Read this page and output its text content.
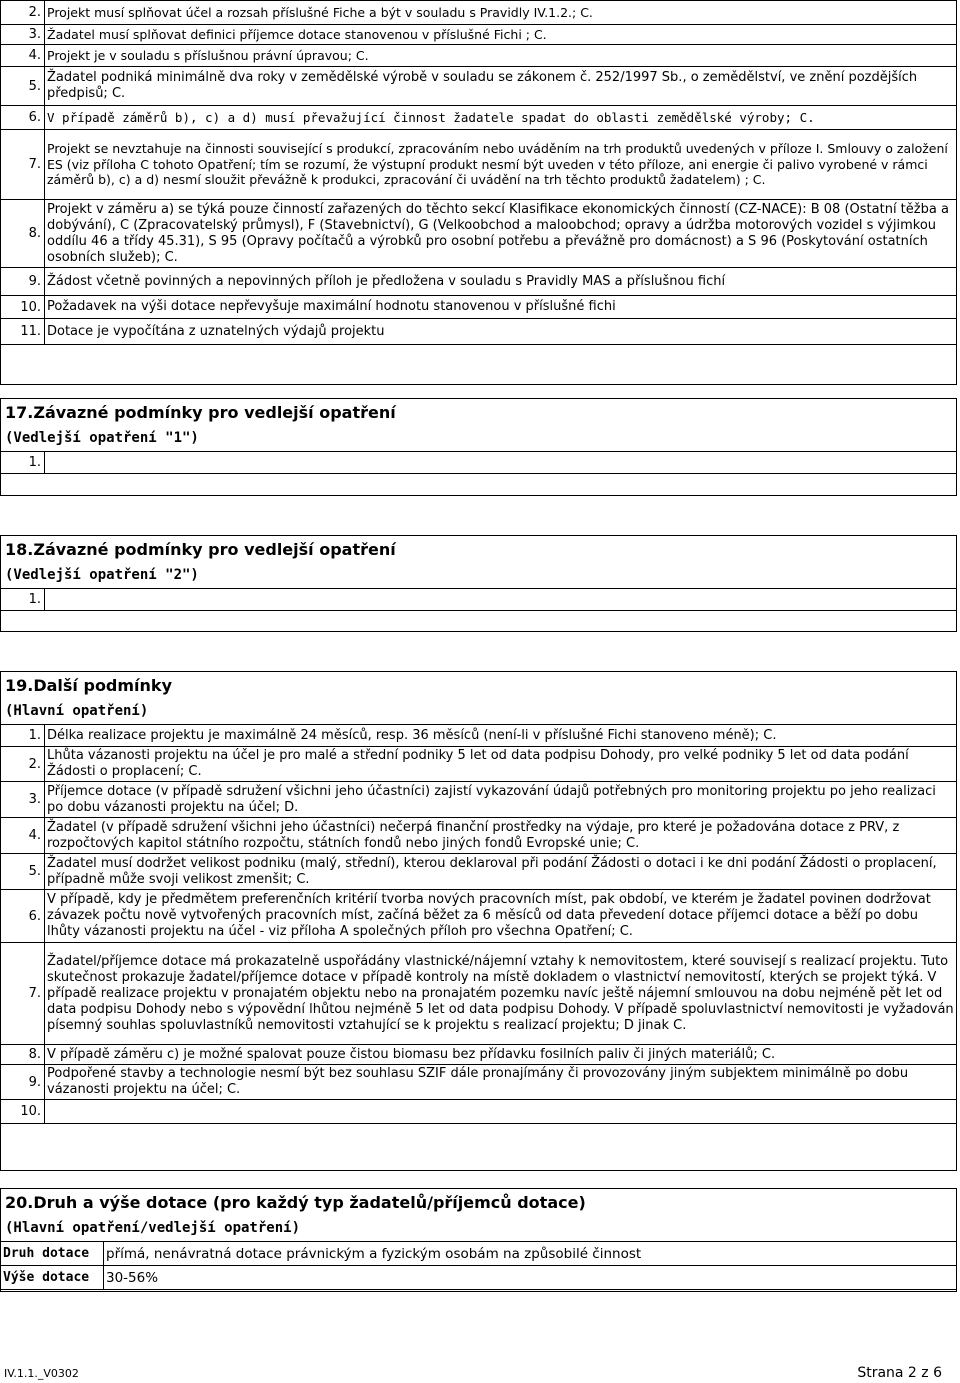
2.	Projekt musí splňovat účel a rozsah příslušné Fiche a být v souladu s Pravidly IV.1.2.; C.
3.	Žadatel musí splňovat definici příjemce dotace stanovenou v příslušné Fichi ; C.
4.	Projekt je v souladu s příslušnou právní úpravou; C.
5.	Žadatel podniká minimálně dva roky v zemědělské výrobě v souladu se zákonem č. 252/1997 Sb., o zemědělství, ve znění pozdějších předpisů; C.
6.	V případě záměrů b), c) a d) musí převažující činnost žadatele spadat do oblasti zemědělské výroby; C.
7.	Projekt se nevztahuje na činnosti související s produkcí, zpracováním nebo uváděním na trh produktů uvedených v příloze I. Smlouvy o založení ES (viz příloha C tohoto Opatření; tím se rozumí, že výstupní produkt nesmí být uveden v této příloze, ani energie či palivo vyrobené v rámci záměrů b), c) a d) nesmí sloužit převážně k produkci, zpracování či uvádění na trh těchto produktů žadatelem) ; C.
8.	Projekt v záměru a) se týká pouze činností zařazených do těchto sekcí Klasifikace ekonomických činností (CZ-NACE): B 08 (Ostatní těžba a dobývání), C (Zpracovatelský průmysl), F (Stavebnictví), G (Velkoobchod a maloobchod; opravy a údržba motorových vozidel s výjimkou oddílu 46 a třídy 45.31), S 95 (Opravy počítačů a výrobků pro osobní potřebu a převážně pro domácnost) a S 96 (Poskytování ostatních osobních služeb); C.
9.	Žádost včetně povinných a nepovinných příloh je předložena v souladu s Pravidly MAS a příslušnou fichí
10.	Požadavek na výši dotace nepřevyšuje maximální hodnotu stanovenou v příslušné fichi
11.	Dotace je vypočítána z uznatelných výdajů projektu
17.Závazné podmínky pro vedlejší opatření
(Vedlejší opatření "1")
1.	
18.Závazné podmínky pro vedlejší opatření
(Vedlejší opatření "2")
1.	
19.Další podmínky
(Hlavní opatření)
1.	Délka realizace projektu je maximálně 24 měsíců, resp. 36 měsíců (není-li v příslušné Fichi stanoveno méně); C.
2.	Lhůta vázanosti projektu na účel je pro malé a střední podniky 5 let od data podpisu Dohody, pro velké podniky 5 let od data podání Žádosti o proplacení; C.
3.	Příjemce dotace (v případě sdružení všichni jeho účastníci) zajistí vykazování údajů potřebných pro monitoring projektu po jeho realizaci po dobu vázanosti projektu na účel; D.
4.	Žadatel (v případě sdružení všichni jeho účastníci) nečerpá finanční prostředky na výdaje, pro které je požadována dotace z PRV, z rozpočtových kapitol státního rozpočtu, státních fondů nebo jiných fondů Evropské unie; C.
5.	Žadatel musí dodržet velikost podniku (malý, střední), kterou deklaroval při podání Žádosti o dotaci i ke dni podání Žádosti o proplacení, případně může svoji velikost zmenšit; C.
6.	V případě, kdy je předmětem preferenčních kritérií tvorba nových pracovních míst, pak období, ve kterém je žadatel povinen dodržovat závazek počtu nově vytvořených pracovních míst, začíná běžet za 6 měsíců od data převedení dotace příjemci dotace a běží po dobu lhůty vázanosti projektu na účel - viz příloha A společných příloh pro všechna Opatření; C.
7.	Žadatel/příjemce dotace má prokazatelně uspořádány vlastnické/nájemní vztahy k nemovitostem, které souvisejí s realizací projektu. Tuto skutečnost prokazuje žadatel/příjemce dotace v případě kontroly na místě dokladem o vlastnictví nemovitostí, kterých se projekt týká. V případě realizace projektu v pronajatém objektu nebo na pronajatém pozemku navíc ještě nájemní smlouvou na dobu nejméně pět let od data podpisu Dohody nebo s výpovědní lhůtou nejméně 5 let od data podpisu Dohody. V případě spoluvlastnictví nemovitosti je vyžadován písemný souhlas spoluvlastníků nemovitosti vztahující se k projektu s realizací projektu; D jinak C.
8.	V případě záměru c) je možné spalovat pouze čistou biomasu bez přídavku fosilních paliv či jiných materiálů; C.
9.	Podpořené stavby a technologie nesmí být bez souhlasu SZIF dále pronajímány či provozovány jiným subjektem minimálně po dobu vázanosti projektu na účel; C.
10.	
20.Druh a výše dotace (pro každý typ žadatelů/příjemců dotace)
(Hlavní opatření/vedlejší opatření)
Druh dotace	přímá, nenávratná dotace právnickým a fyzickým osobám na způsobilé činnost
Výše dotace	30-56%
IV.1.1._V0302	Strana 2 z 6
